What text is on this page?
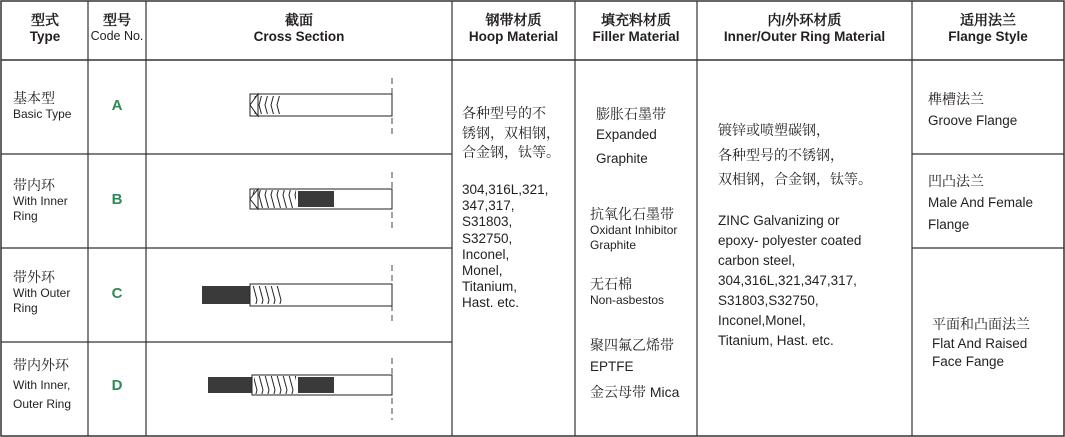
型式
Type
型号
Code No.
截面
Cross Section
钢带材质
Hoop Material
填充料材质
Filler Material
内/外环材质
Inner/Outer Ring Material
适用法兰
Flange Style
基本型
Basic Type
带内环
With Inner
Ring
带外环
With Outer
Ring
带内外环
With Inner,
Outer Ring
A
B
C
D
各种型号的不
锈钢，双相钢，
合金钢，钛等。
304,316L,321,
347,317,
S31803,
S32750,
Inconel,
Monel,
Titanium,
Hast. etc.
膨胀石墨带
Expanded
Graphite
抗氧化石墨带
Oxidant Inhibitor
Graphite
无石棉
Non-asbestos
聚四氟乙烯带
EPTFE
金云母带 Mica
镀锌或喷塑碳钢，
各种型号的不锈钢，
双相钢，合金钢，钛等。
ZINC Galvanizing or
epoxy- polyester coated
carbon steel,
304,316L,321,347,317,
S31803,S32750,
Inconel,Monel,
Titanium, Hast. etc.
榫槽法兰
Groove Flange
凹凸法兰
Male And Female
Flange
平面和凸面法兰
Flat And Raised
Face Fange
